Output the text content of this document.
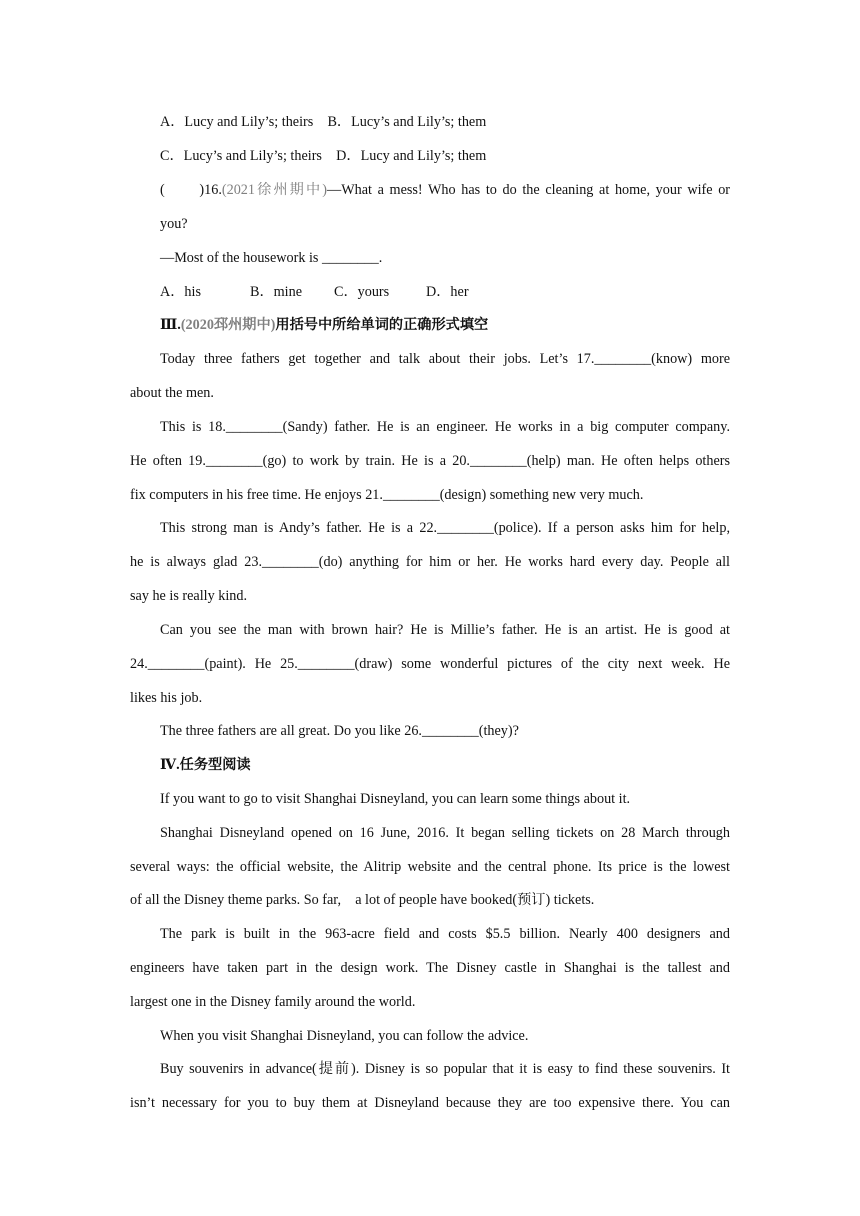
A．Lucy and Lily’s; theirs　B．Lucy’s and Lily’s; them
C．Lucy’s and Lily’s; theirs　D．Lucy and Lily’s; them
(　　)16.(2021徐州期中)—What a mess! Who has to do the cleaning at home, your wife or
you?
—Most of the housework is ________.
A．his	B．mine C．yours	D．her
Ⅲ.(2020邳州期中)用括号中所给单词的正确形式填空
Today three fathers get together and talk about their jobs. Let’s 17.________(know) more
about the men.
This is 18.________(Sandy) father. He is an engineer. He works in a big computer company.
He often 19.________(go) to work by train. He is a 20.________(help) man. He often helps others
fix computers in his free time. He enjoys 21.________(design) something new very much.
This strong man is Andy’s father. He is a 22.________(police). If a person asks him for help,
he is always glad 23.________(do) anything for him or her. He works hard every day. People all
say he is really kind.
Can you see the man with brown hair? He is Millie’s father. He is an artist. He is good at
24.________(paint). He 25.________(draw) some wonderful pictures of the city next week. He
likes his job.
The three fathers are all great. Do you like 26.________(they)?
Ⅳ.任务型阅读
If you want to go to visit Shanghai Disneyland, you can learn some things about it.
Shanghai Disneyland opened on 16 June, 2016. It began selling tickets on 28 March through
several ways: the official website, the Alitrip website and the central phone. Its price is the lowest
of all the Disney theme parks. So far,　a lot of people have booked(预订) tickets.
The park is built in the 963-acre field and costs $5.5 billion. Nearly 400 designers and
engineers have taken part in the design work. The Disney castle in Shanghai is the tallest and
largest one in the Disney family around the world.
When you visit Shanghai Disneyland, you can follow the advice.
Buy souvenirs in advance(提前). Disney is so popular that it is easy to find these souvenirs. It
isn’t necessary for you to buy them at Disneyland because they are too expensive there. You can
